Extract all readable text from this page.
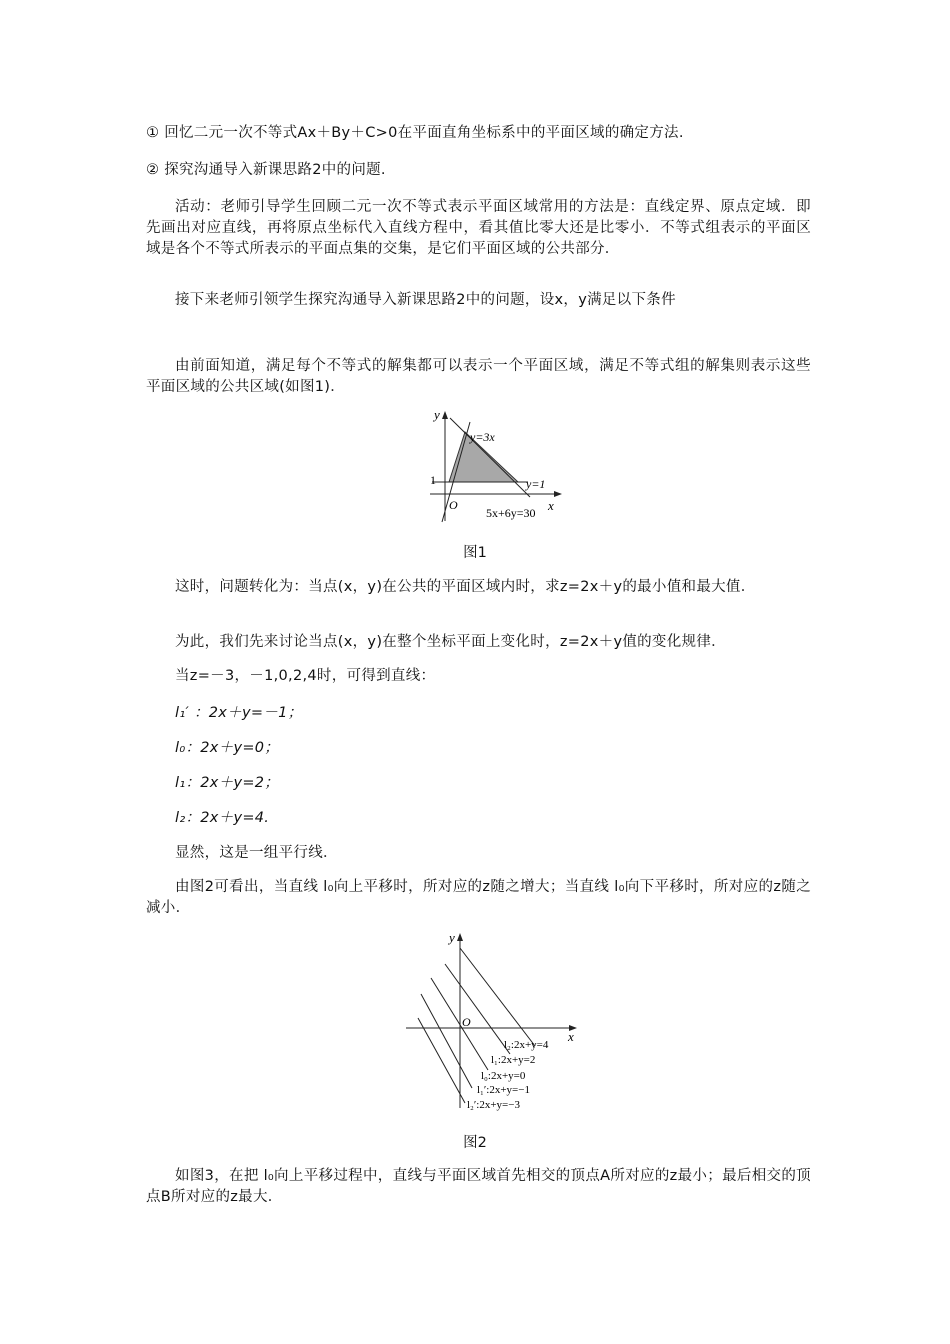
① 回忆二元一次不等式Ax＋By＋C>0在平面直角坐标系中的平面区域的确定方法.
② 探究沟通导入新课思路2中的问题.
活动：老师引导学生回顾二元一次不等式表示平面区域常用的方法是：直线定界、原点定域．即先画出对应直线，再将原点坐标代入直线方程中，看其值比零大还是比零小．不等式组表示的平面区域是各个不等式所表示的平面点集的交集，是它们平面区域的公共部分．
接下来老师引领学生探究沟通导入新课思路2中的问题，设x，y满足以下条件
由前面知道，满足每个不等式的解集都可以表示一个平面区域，满足不等式组的解集则表示这些平面区域的公共区域(如图1)．
y
y=3x
1	y=1
O
5x+6y=30 x
图1
这时，问题转化为：当点(x，y)在公共的平面区域内时，求z=2x＋y的最小值和最大值．
为此，我们先来讨论当点(x，y)在整个坐标平面上变化时，z=2x＋y值的变化规律．
当z=－3，－1,0,2,4时，可得到直线：
l₁′ ：2x＋y=－1；
l₀：2x＋y=0；
l₁：2x＋y=2；
l₂：2x＋y=4.
显然，这是一组平行线．
由图2可看出，当直线 l₀向上平移时，所对应的z随之增大；当直线 l₀向下平移时，所对应的z随之减小．
y
O
x
l₂:2x+y=4
l₁:2x+y=2
l₀:2x+y=0
l₁′:2x+y=−1
l₂′:2x+y=−3
图2
如图3，在把 l₀向上平移过程中，直线与平面区域首先相交的顶点A所对应的z最小；最后相交的顶点B所对应的z最大．
